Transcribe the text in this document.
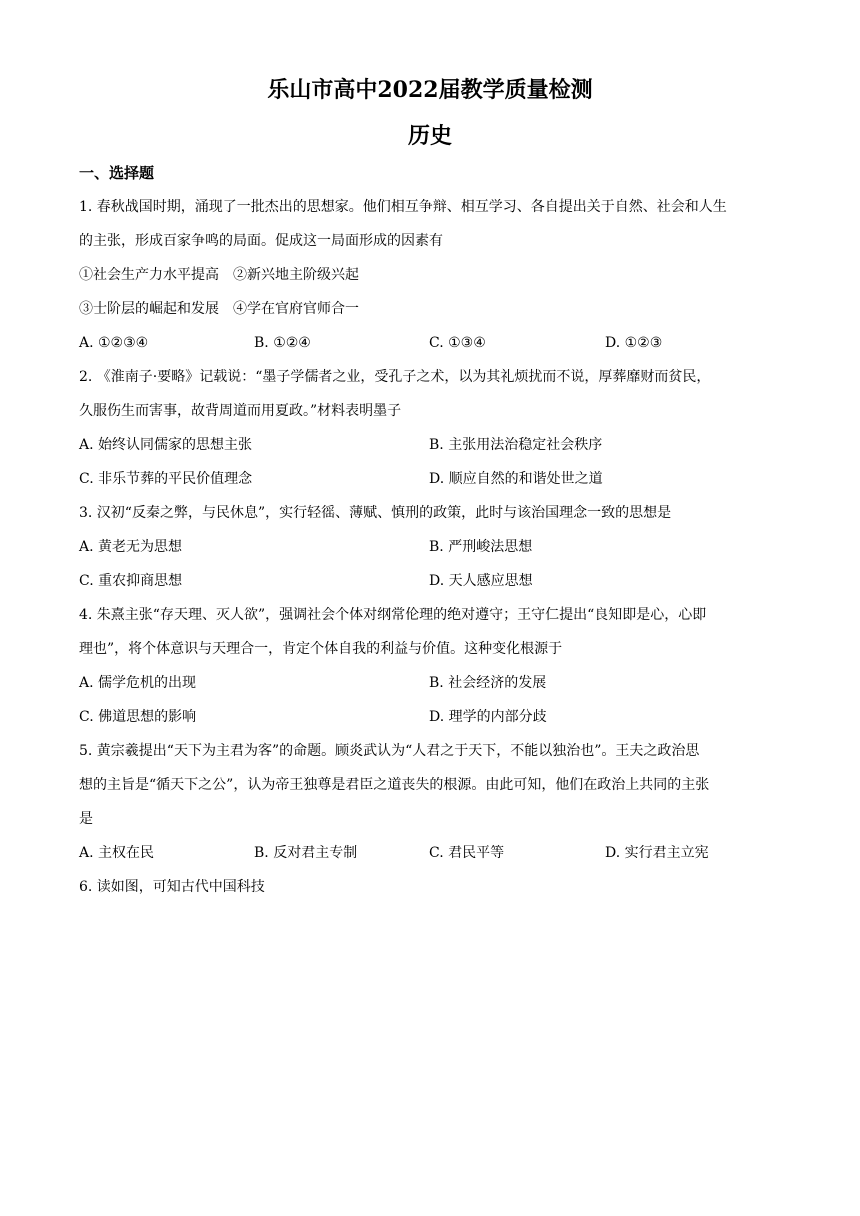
乐山市高中2022届教学质量检测
历史
一、选择题
1. 春秋战国时期，涌现了一批杰出的思想家。他们相互争辩、相互学习、各自提出关于自然、社会和人生
的主张，形成百家争鸣的局面。促成这一局面形成的因素有
①社会生产力水平提高　②新兴地主阶级兴起
③士阶层的崛起和发展　④学在官府官师合一
A. ①②③④	B. ①②④	C. ①③④	D. ①②③
2. 《淮南子·要略》记载说：“墨子学儒者之业，受孔子之术，以为其礼烦扰而不说，厚葬靡财而贫民，
久服伤生而害事，故背周道而用夏政。”材料表明墨子
A. 始终认同儒家的思想主张	B. 主张用法治稳定社会秩序
C. 非乐节葬的平民价值理念	D. 顺应自然的和谐处世之道
3. 汉初“反秦之弊，与民休息”，实行轻徭、薄赋、慎刑的政策，此时与该治国理念一致的思想是
A. 黄老无为思想	B. 严刑峻法思想
C. 重农抑商思想	D. 天人感应思想
4. 朱熹主张“存天理、灭人欲”，强调社会个体对纲常伦理的绝对遵守；王守仁提出“良知即是心，心即
理也”，将个体意识与天理合一，肯定个体自我的利益与价值。这种变化根源于
A. 儒学危机的出现	B. 社会经济的发展
C. 佛道思想的影响	D. 理学的内部分歧
5. 黄宗羲提出“天下为主君为客”的命题。顾炎武认为“人君之于天下，不能以独治也”。王夫之政治思
想的主旨是“循天下之公”，认为帝王独尊是君臣之道丧失的根源。由此可知，他们在政治上共同的主张
是
A. 主权在民	B. 反对君主专制	C. 君民平等	D. 实行君主立宪
6. 读如图，可知古代中国科技
